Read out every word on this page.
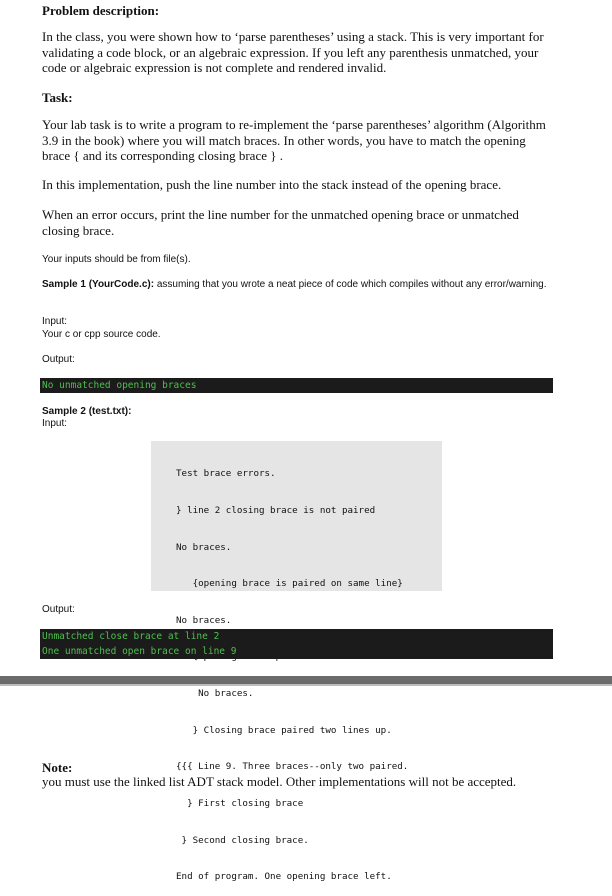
Problem description:
In the class, you were shown how to ‘parse parentheses’ using a stack. This is very important for validating a code block, or an algebraic expression. If you left any parenthesis unmatched, your code or algebraic expression is not complete and rendered invalid.
Task:
Your lab task is to write a program to re-implement the ‘parse parentheses’ algorithm (Algorithm 3.9 in the book) where you will match braces. In other words, you have to match the opening brace { and its corresponding closing brace } .
In this implementation, push the line number into the stack instead of the opening brace.
When an error occurs, print the line number for the unmatched opening brace or unmatched closing brace.
Your inputs should be from file(s).
Sample 1 (YourCode.c): assuming that you wrote a neat piece of code which compiles without any error/warning.
Input:
Your c or cpp source code.
Output:
Sample 2 (test.txt):
Input:
Output:
Note:
you must use the linked list ADT stack model. Other implementations will not be accepted.
No unmatched opening braces

Test brace errors.

} line 2 closing brace is not paired

No braces.

{opening brace is paired on same line}

No braces.

No braces.

} Closing brace paired two lines up.

{{{ Line 9. Three braces--only two paired.

} First closing brace

} Second closing brace.

End of program. One opening brace left.

Unmatched close brace at line 2
One unmatched open brace on line 9
